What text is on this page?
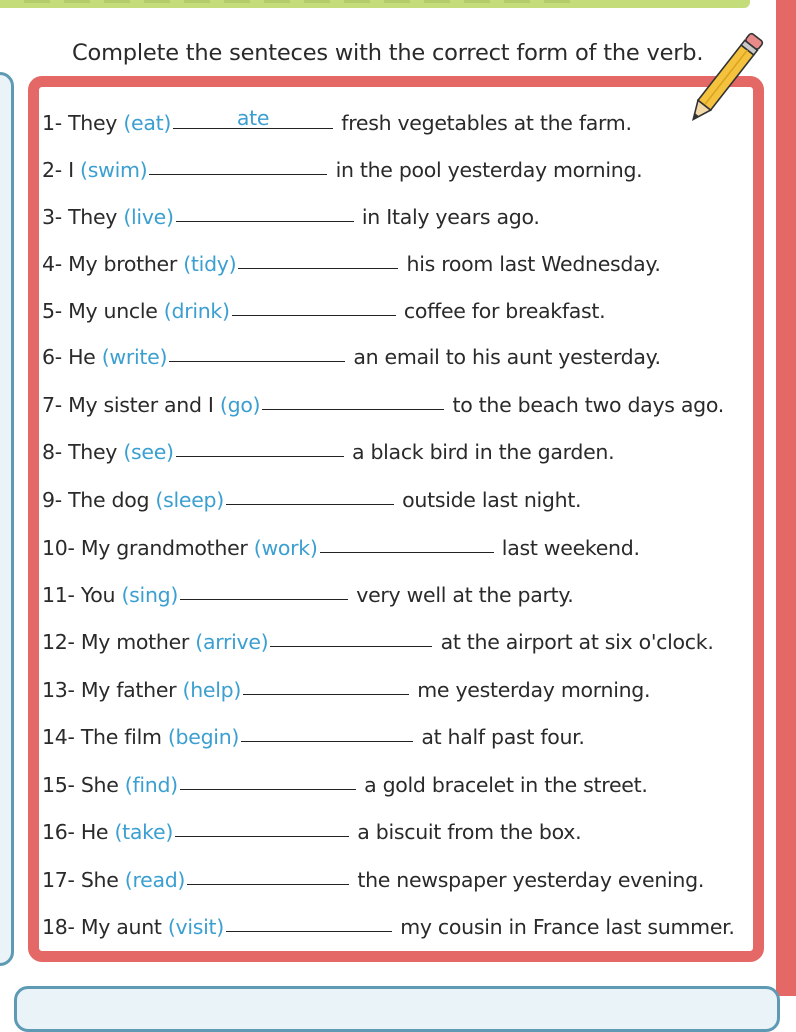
Complete the senteces with the correct form of the verb.
1- They (eat)	ate	fresh vegetables at the farm.
2- I (swim)	in the pool yesterday morning.
3- They (live)	in Italy years ago.
4- My brother (tidy)	his room last Wednesday.
5- My uncle (drink)	coffee for breakfast.
6- He (write)	an email to his aunt yesterday.
7- My sister and I (go)	to the beach two days ago.
8- They (see)	a black bird in the garden.
9- The dog (sleep)	outside last night.
10- My grandmother (work)	last weekend.
11- You (sing)	very well at the party.
12- My mother (arrive)	at the airport at six o'clock.
13- My father (help)	me yesterday morning.
14- The film (begin)	at half past four.
15- She (find)	a gold bracelet in the street.
16- He (take)	a biscuit from the box.
17- She (read)	the newspaper yesterday evening.
18- My aunt (visit)	my cousin in France last summer.
